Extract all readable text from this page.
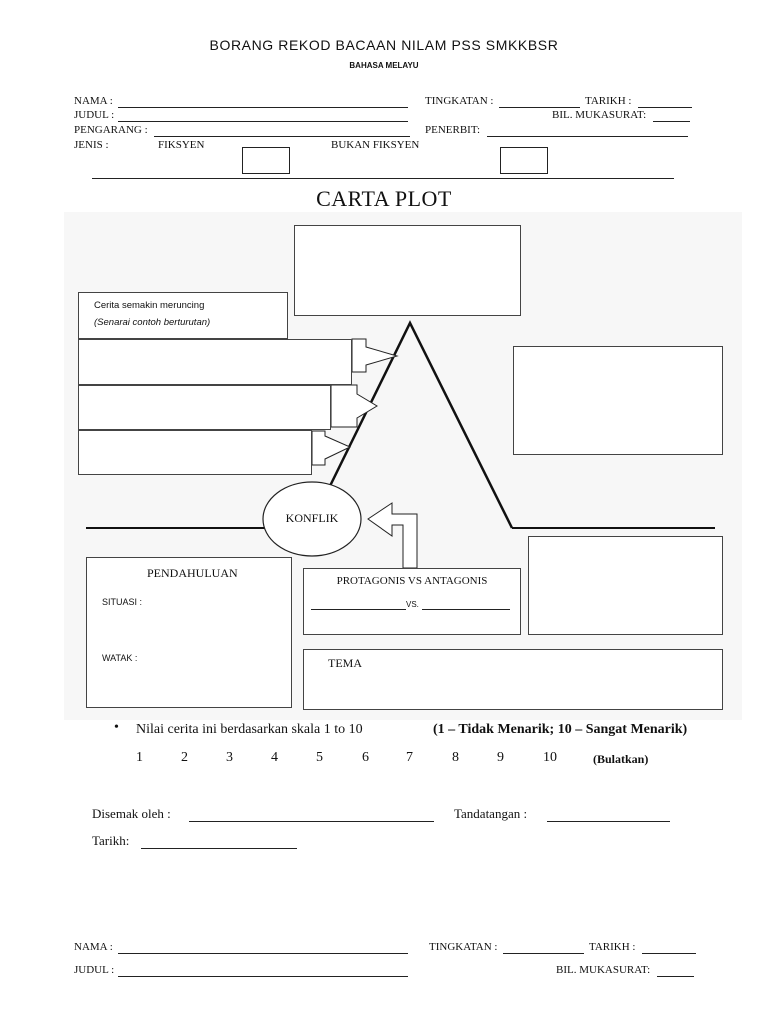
BORANG REKOD BACAAN NILAM PSS SMKKBSR
BAHASA MELAYU
NAMA :	TINGKATAN :	TARIKH :
JUDUL :	BIL. MUKASURAT:
PENGARANG :	PENERBIT:
JENIS :	FIKSYEN	BUKAN FIKSYEN
CARTA PLOT
Cerita semakin meruncing
(Senarai contoh berturutan)
KONFLIK
PENDAHULUAN
SITUASI :
WATAK :
PROTAGONIS VS ANTAGONIS
VS.
TEMA
• Nilai cerita ini berdasarkan skala 1 to 10	(1 – Tidak Menarik; 10 – Sangat Menarik)
1	2	3	4	5	6	7	8	9	10	(Bulatkan)
Disemak oleh :	Tandatangan :
Tarikh:
NAMA :	TINGKATAN :	TARIKH :
JUDUL :	BIL. MUKASURAT:
